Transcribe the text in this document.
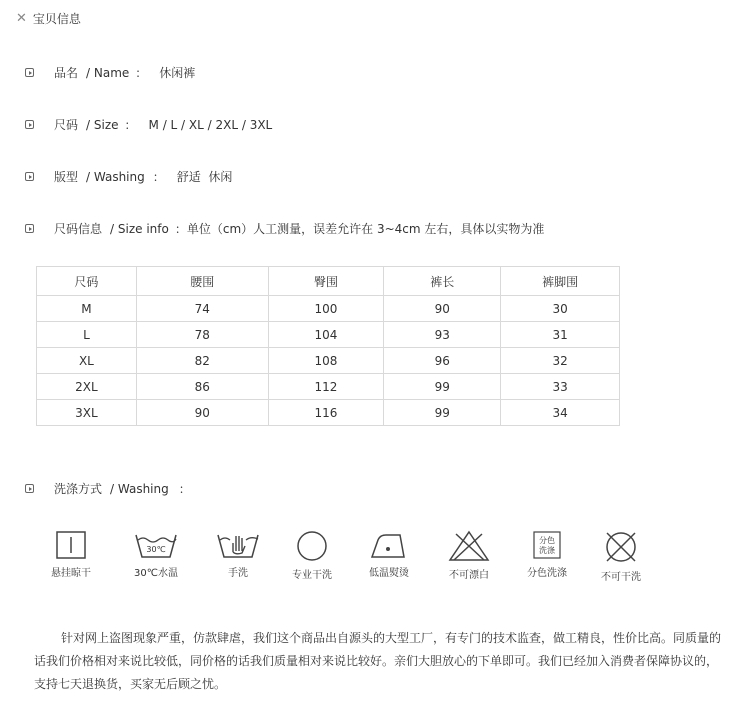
✕ 宝贝信息
品名 / Name ： 休闲裤
尺码 / Size ： M / L / XL / 2XL / 3XL
版型 / Washing ： 舒适  休闲
尺码信息 / Size info ： 单位（cm）人工测量，误差允许在 3~4cm 左右，具体以实物为准
尺码	腰围	臀围	裤长	裤脚围
M	74	100	90	30
L	78	104	93	31
XL	82	108	96	32
2XL	86	112	99	33
3XL	90	116	99	34
洗涤方式 / Washing ：
悬挂晾干
30℃
30℃水温	手洗	专业干洗	低温熨烫	不可漂白
分色
洗涤
分色洗涤	不可干洗

针对网上盗图现象严重，仿款肆虐，我们这个商品出自源头的大型工厂，有专门的技术监查，做工精良，性价比高。同质量的话我们价格相对来说比较低，同价格的话我们质量相对来说比较好。亲们大胆放心的下单即可。我们已经加入消费者保障协议的，支持七天退换货，买家无后顾之忧。
